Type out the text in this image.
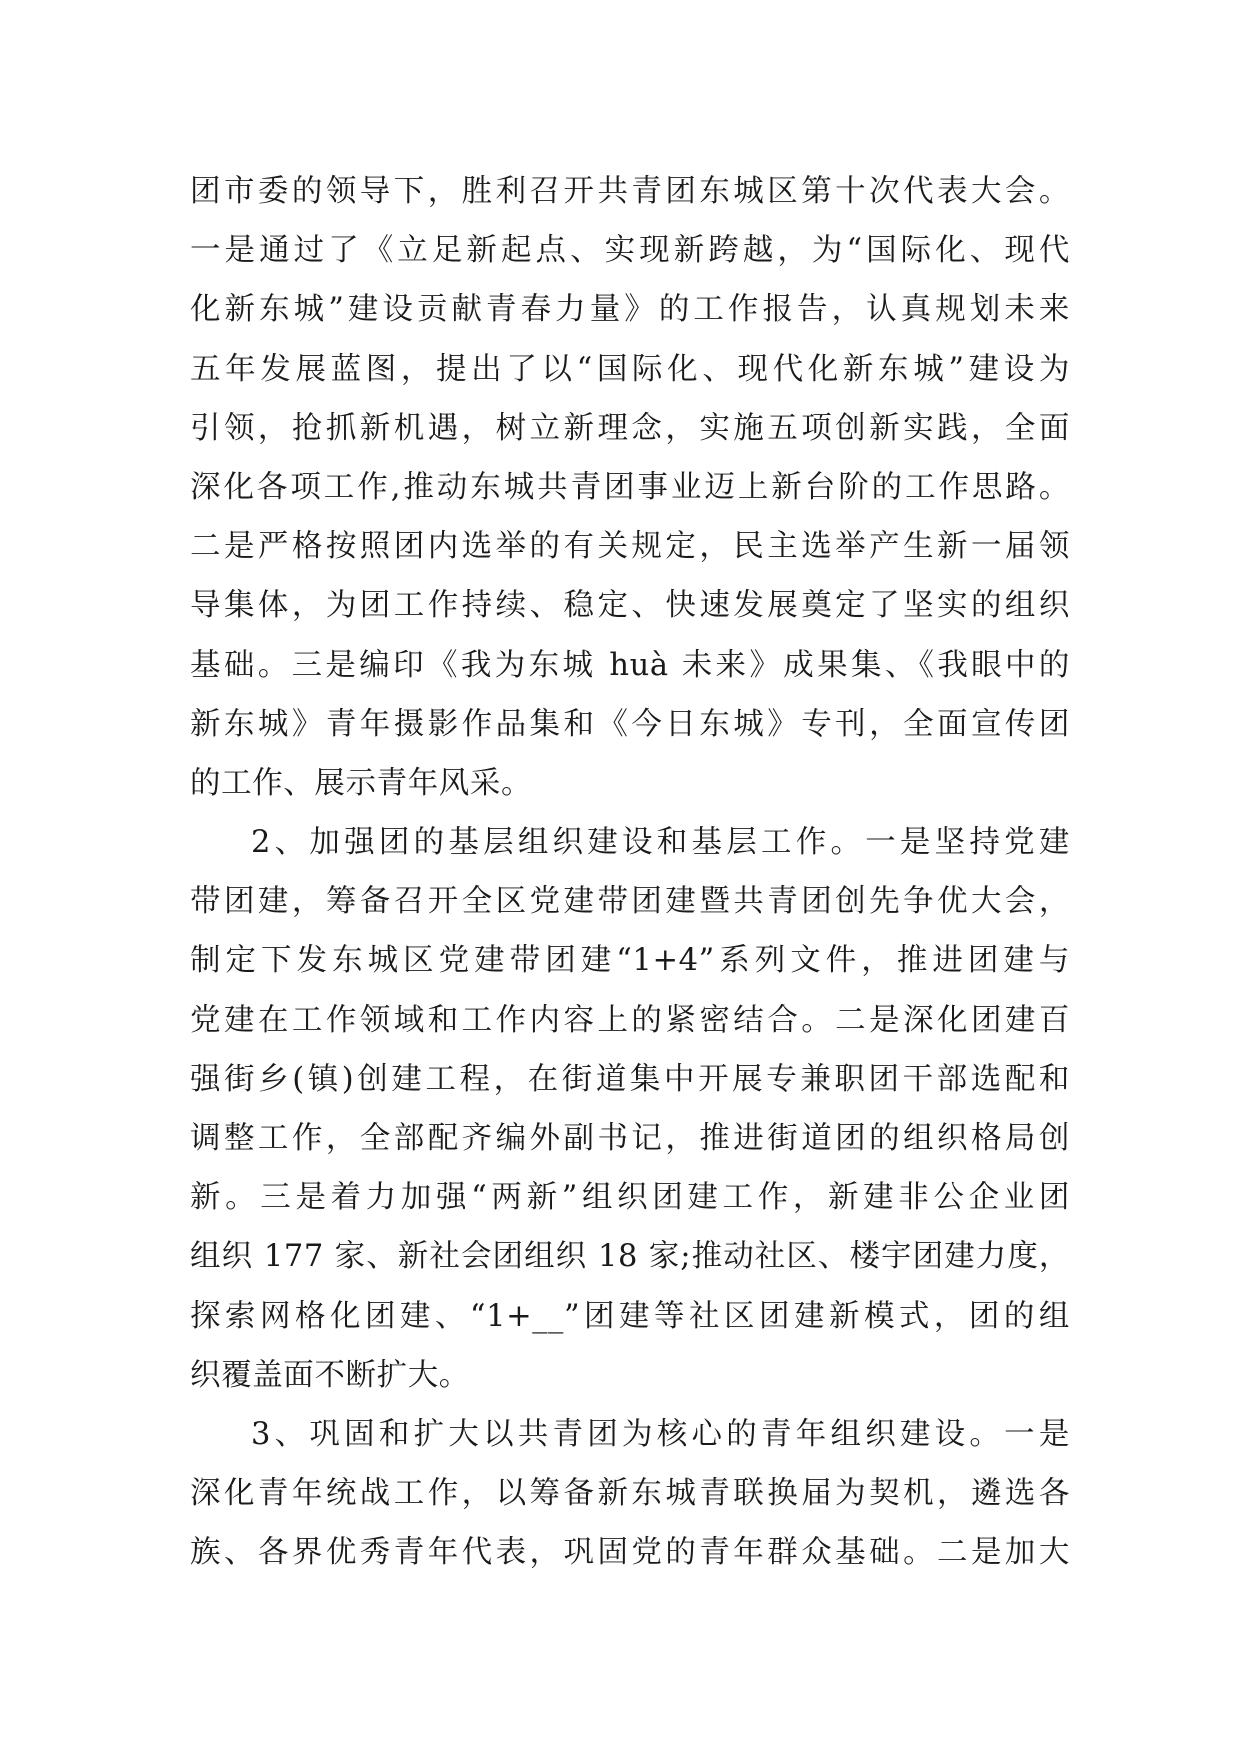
团市委的领导下，胜利召开共青团东城区第十次代表大会。
一是通过了《立足新起点、实现新跨越，为“国际化、现代
化新东城”建设贡献青春力量》的工作报告，认真规划未来
五年发展蓝图，提出了以“国际化、现代化新东城”建设为
引领，抢抓新机遇，树立新理念，实施五项创新实践，全面
深化各项工作,推动东城共青团事业迈上新台阶的工作思路。
二是严格按照团内选举的有关规定，民主选举产生新一届领
导集体，为团工作持续、稳定、快速发展奠定了坚实的组织
基础。三是编印《我为东城 huà 未来》成果集、《我眼中的
新东城》青年摄影作品集和《今日东城》专刊，全面宣传团
的工作、展示青年风采。
2、加强团的基层组织建设和基层工作。一是坚持党建
带团建，筹备召开全区党建带团建暨共青团创先争优大会，
制定下发东城区党建带团建“1+4”系列文件，推进团建与
党建在工作领域和工作内容上的紧密结合。二是深化团建百
强街乡(镇)创建工程，在街道集中开展专兼职团干部选配和
调整工作，全部配齐编外副书记，推进街道团的组织格局创
新。三是着力加强“两新”组织团建工作，新建非公企业团
组织 177 家、新社会团组织 18 家;推动社区、楼宇团建力度，
探索网格化团建、“1+__”团建等社区团建新模式，团的组
织覆盖面不断扩大。
3、巩固和扩大以共青团为核心的青年组织建设。一是
深化青年统战工作，以筹备新东城青联换届为契机，遴选各
族、各界优秀青年代表，巩固党的青年群众基础。二是加大
